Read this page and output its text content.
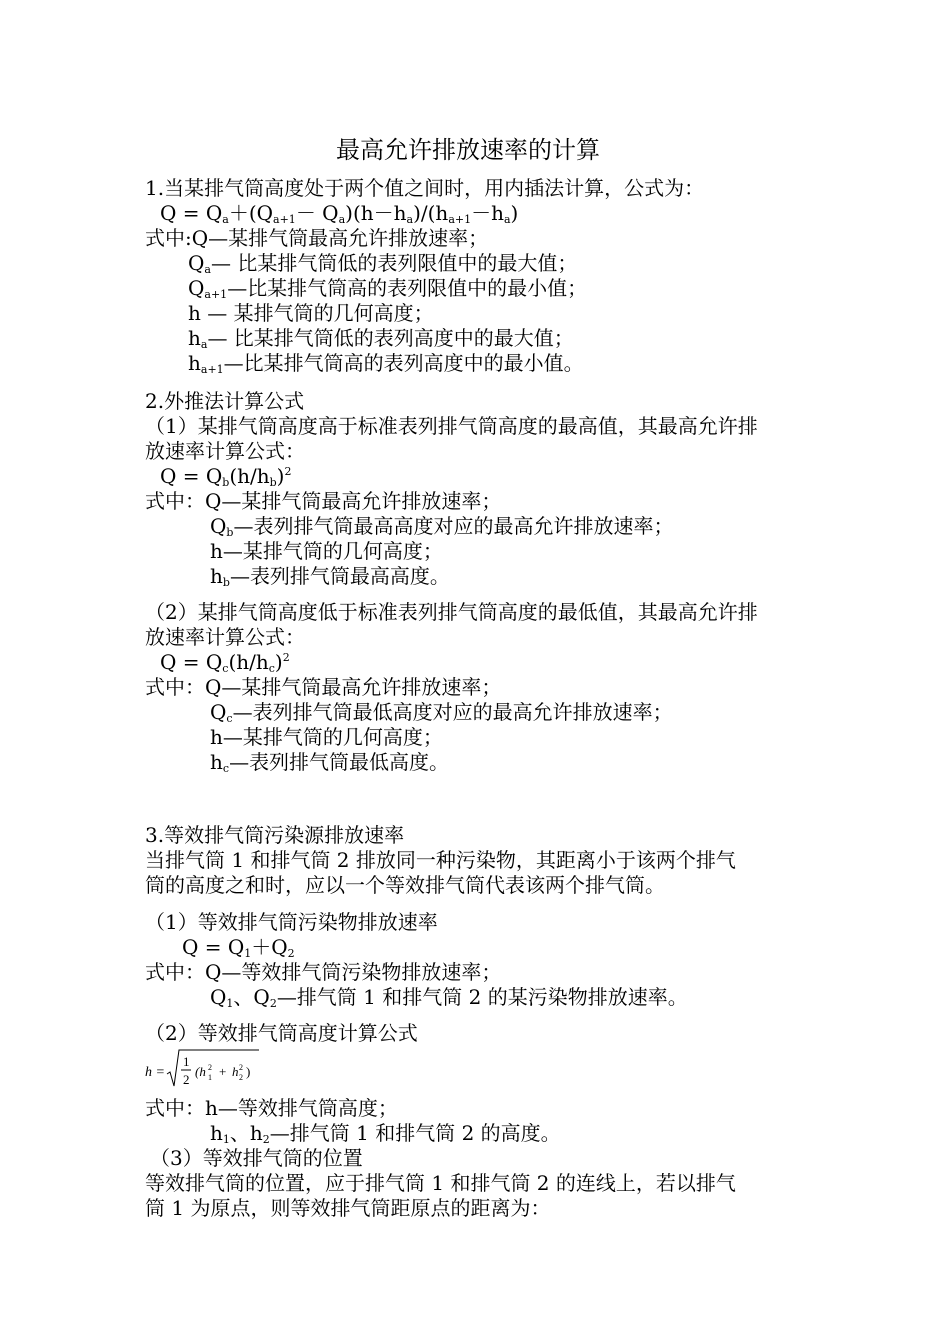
最高允许排放速率的计算
1.当某排气筒高度处于两个值之间时，用内插法计算，公式为：
$Q = Q_a+(Q_{a+1}- Q_a)(h-h_a)/(h_{a+1}-h_a)$
式中:Q—某排气筒最高允许排放速率；
$Q_a—$ 比某排气筒低的表列限值中的最大值；
$Q_{a+1}—$比某排气筒高的表列限值中的最小值；
h — 某排气筒的几何高度；
$h_a—$ 比某排气筒低的表列高度中的最大值；
$h_{a+1}—$比某排气筒高的表列高度中的最小值。
2.外推法计算公式
（1）某排气筒高度高于标准表列排气筒高度的最高值，其最高允许排
放速率计算公式：
$Q = Q_b(h/h_b)^2$
式中：Q—某排气筒最高允许排放速率；
$Q_b—$表列排气筒最高高度对应的最高允许排放速率；
h—某排气筒的几何高度；
$h_b—$表列排气筒最高高度。
（2）某排气筒高度低于标准表列排气筒高度的最低值，其最高允许排
放速率计算公式：
$Q = Q_c(h/h_c)^2$
式中：Q—某排气筒最高允许排放速率；
$Q_c—$表列排气筒最低高度对应的最高允许排放速率；
h—某排气筒的几何高度；
$h_c—$表列排气筒最低高度。
3.等效排气筒污染源排放速率
当排气筒 1 和排气筒 2 排放同一种污染物，其距离小于该两个排气
筒的高度之和时，应以一个等效排气筒代表该两个排气筒。
（1）等效排气筒污染物排放速率
$Q = Q_1+Q_2$
式中：Q—等效排气筒污染物排放速率；
$Q_1$、$Q_2—$排气筒 1 和排气筒 2 的某污染物排放速率。
（2）等效排气筒高度计算公式
h =
1
2
(h 1
2 + h 2
2 )
式中：h—等效排气筒高度；
$h_1$、$h_2—$排气筒 1 和排气筒 2 的高度。
（3）等效排气筒的位置
等效排气筒的位置，应于排气筒 1 和排气筒 2 的连线上，若以排气
筒 1 为原点，则等效排气筒距原点的距离为：
